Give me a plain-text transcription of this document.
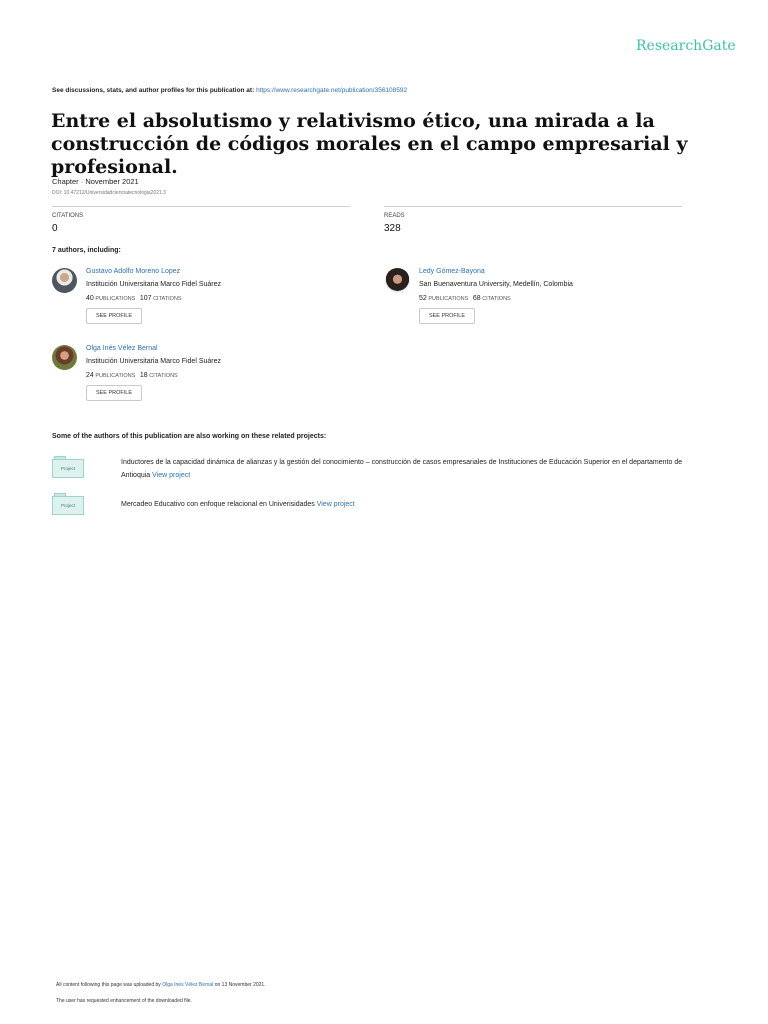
ResearchGate
See discussions, stats, and author profiles for this publication at: https://www.researchgate.net/publication/356108592
Entre el absolutismo y relativismo ético, una mirada a la construcción de códigos morales en el campo empresarial y profesional.
Chapter · November 2021
DOI: 10.47212/Universidadcienciatecnologia2021.3
CITATIONS
0
READS
328
7 authors, including:
Gustavo Adolfo Moreno Lopez
Institución Universitaria Marco Fidel Suárez
40 PUBLICATIONS 107 CITATIONS
SEE PROFILE
Ledy Gómez-Bayona
San Buenaventura University, Medellín, Colombia
52 PUBLICATIONS 68 CITATIONS
SEE PROFILE
Olga Inés Vélez Bernal
Institución Universitaria Marco Fidel Suárez
24 PUBLICATIONS 18 CITATIONS
SEE PROFILE
Some of the authors of this publication are also working on these related projects:
Project
Inductores de la capacidad dinámica de alianzas y la gestión del conocimiento – construcción de casos empresariales de Instituciones de Educación Superior en el departamento de Antioquia View project
Project	Mercadeo Educativo con enfoque relacional en Univerisidades View project
All content following this page was uploaded by Olga Inés Vélez Bernal on 13 November 2021.
The user has requested enhancement of the downloaded file.
